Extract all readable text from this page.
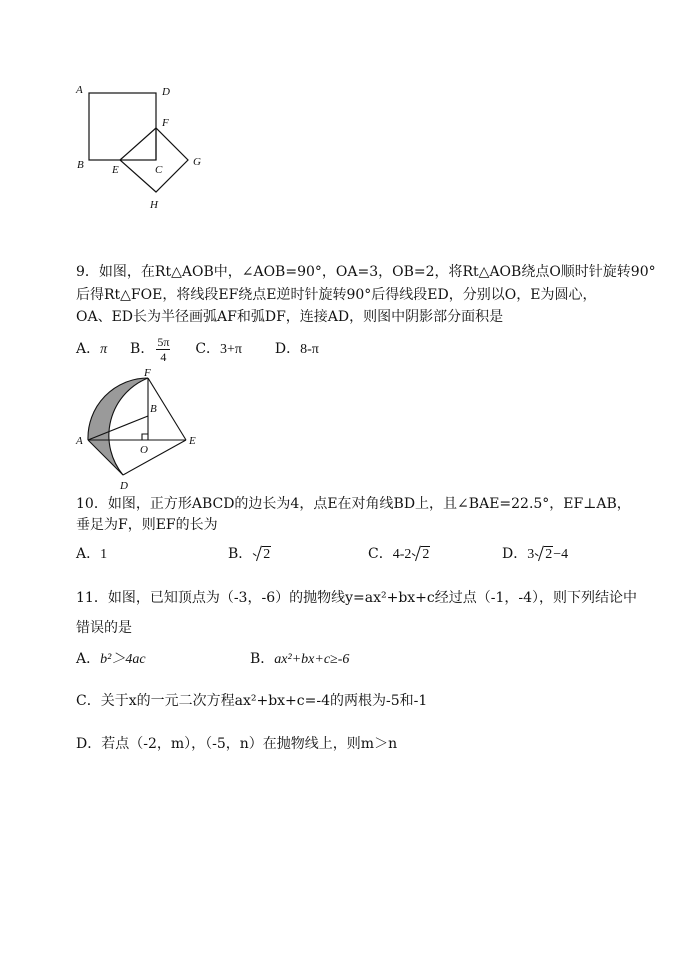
A	D
F
B	E	C
G
H
9．如图，在Rt△AOB中，∠AOB=90°，OA=3，OB=2，将Rt△AOB绕点O顺时针旋转90°
后得Rt△FOE，将线段EF绕点E逆时针旋转90°后得线段ED，分别以O，E为圆心，
OA、ED长为半径画弧AF和弧DF，连接AD，则图中阴影部分面积是
A．π B． $\frac{5\pi}{4}$ C．3+π D．8-π
F
B
A
O
E
D
10．如图，正方形ABCD的边长为4，点E在对角线BD上，且∠BAE=22.5°，EF⊥AB，
垂足为F，则EF的长为
A．1	B． 2	C．4-2 2	D．3 2−4
11．如图，已知顶点为（-3，-6）的抛物线y=ax²+bx+c经过点（-1，-4），则下列结论中
错误的是
A．b²＞4ac	B．ax²+bx+c≥-6
C．关于x的一元二次方程ax²+bx+c=-4的两根为-5和-1
D．若点（-2，m），（-5，n）在抛物线上，则m＞n
